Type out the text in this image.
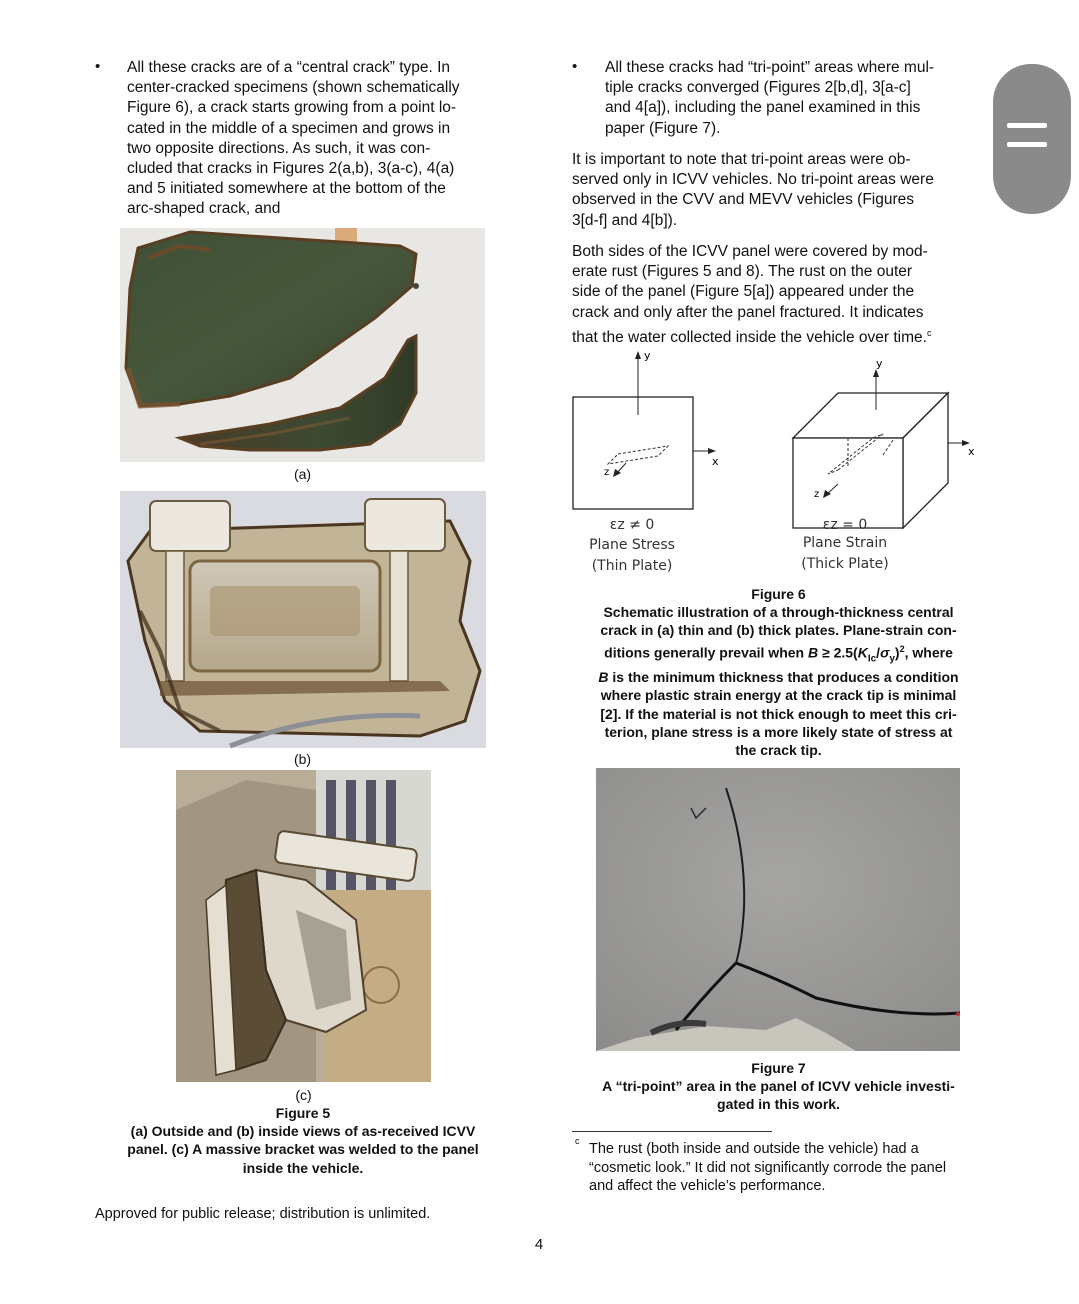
• All these cracks are of a “central crack” type. In
center-cracked specimens (shown schematically
Figure 6), a crack starts growing from a point lo-
cated in the middle of a specimen and grows in
two opposite directions. As such, it was con-
cluded that cracks in Figures 2(a,b), 3(a-c), 4(a)
and 5 initiated somewhere at the bottom of the
arc-shaped crack, and
(a)
(b)
(c)
Figure 5
(a) Outside and (b) inside views of as-received ICVV
panel. (c) A massive bracket was welded to the panel
inside the vehicle.
Approved for public release; distribution is unlimited.
• All these cracks had “tri-point” areas where mul-
tiple cracks converged (Figures 2[b,d], 3[a-c]
and 4[a]), including the panel examined in this
paper (Figure 7).
It is important to note that tri-point areas were ob-
served only in ICVV vehicles. No tri-point areas were
observed in the CVV and MEVV vehicles (Figures
3[d-f] and 4[b]).
Both sides of the ICVV panel were covered by mod-
erate rust (Figures 5 and 8). The rust on the outer
side of the panel (Figure 5[a]) appeared under the
crack and only after the panel fractured. It indicates
that the water collected inside the vehicle over time.$^c$
y
x
z
y
x
z
εz ≠ 0
Plane Stress
(Thin Plate)
εz = 0
Plane Strain
(Thick Plate)
Figure 6
Schematic illustration of a through-thickness central
crack in (a) thin and (b) thick plates. Plane-strain con-
ditions generally prevail when $B \ge 2.5(K_{Ic}/\sigma_y)^2$, where
B is the minimum thickness that produces a condition
where plastic strain energy at the crack tip is minimal
[2]. If the material is not thick enough to meet this cri-
terion, plane stress is a more likely state of stress at
the crack tip.
Figure 7
A “tri-point” area in the panel of ICVV vehicle investi-
gated in this work.
c The rust (both inside and outside the vehicle) had a
“cosmetic look.” It did not significantly corrode the panel
and affect the vehicle’s performance.
4
